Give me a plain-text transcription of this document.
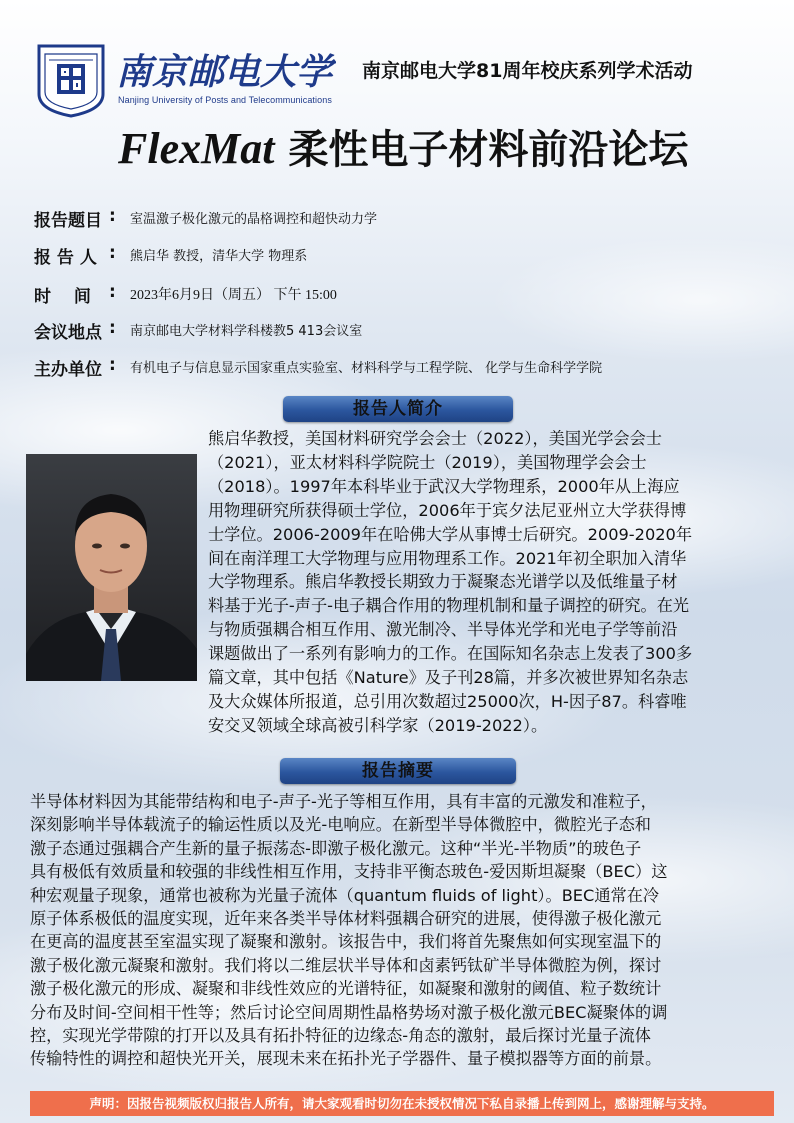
南京邮电大学
Nanjing University of Posts and Telecommunications
南京邮电大学81周年校庆系列学术活动
FlexMat 柔性电子材料前沿论坛
报告题目 : 室温激子极化激元的晶格调控和超快动力学
报 告 人 : 熊启华 教授，清华大学 物理系
时　 间 : 2023年6月9日（周五） 下午 15:00
会议地点 : 南京邮电大学材料学科楼教5 413会议室
主办单位 : 有机电子与信息显示国家重点实验室、材料科学与工程学院、 化学与生命科学学院
报告人简介
熊启华教授，美国材料研究学会会士（2022），美国光学会会士
（2021），亚太材料科学院院士（2019），美国物理学会会士
（2018）。1997年本科毕业于武汉大学物理系，2000年从上海应
用物理研究所获得硕士学位，2006年于宾夕法尼亚州立大学获得博
士学位。2006-2009年在哈佛大学从事博士后研究。2009-2020年
间在南洋理工大学物理与应用物理系工作。2021年初全职加入清华
大学物理系。熊启华教授长期致力于凝聚态光谱学以及低维量子材
料基于光子-声子-电子耦合作用的物理机制和量子调控的研究。在光
与物质强耦合相互作用、激光制冷、半导体光学和光电子学等前沿
课题做出了一系列有影响力的工作。在国际知名杂志上发表了300多
篇文章，其中包括《Nature》及子刊28篇，并多次被世界知名杂志
及大众媒体所报道，总引用次数超过25000次，H-因子87。科睿唯
安交叉领域全球高被引科学家（2019-2022）。
报告摘要
半导体材料因为其能带结构和电子-声子-光子等相互作用，具有丰富的元激发和准粒子，
深刻影响半导体载流子的输运性质以及光-电响应。在新型半导体微腔中，微腔光子态和
激子态通过强耦合产生新的量子振荡态-即激子极化激元。这种“半光-半物质”的玻色子
具有极低有效质量和较强的非线性相互作用，支持非平衡态玻色-爱因斯坦凝聚（BEC）这
种宏观量子现象，通常也被称为光量子流体（quantum fluids of light）。BEC通常在冷
原子体系极低的温度实现，近年来各类半导体材料强耦合研究的进展，使得激子极化激元
在更高的温度甚至室温实现了凝聚和激射。该报告中，我们将首先聚焦如何实现室温下的
激子极化激元凝聚和激射。我们将以二维层状半导体和卤素钙钛矿半导体微腔为例，探讨
激子极化激元的形成、凝聚和非线性效应的光谱特征，如凝聚和激射的阈值、粒子数统计
分布及时间-空间相干性等；然后讨论空间周期性晶格势场对激子极化激元BEC凝聚体的调
控，实现光学带隙的打开以及具有拓扑特征的边缘态-角态的激射，最后探讨光量子流体
传输特性的调控和超快光开关，展现未来在拓扑光子学器件、量子模拟器等方面的前景。
声明：因报告视频版权归报告人所有，请大家观看时切勿在未授权情况下私自录播上传到网上，感谢理解与支持。
